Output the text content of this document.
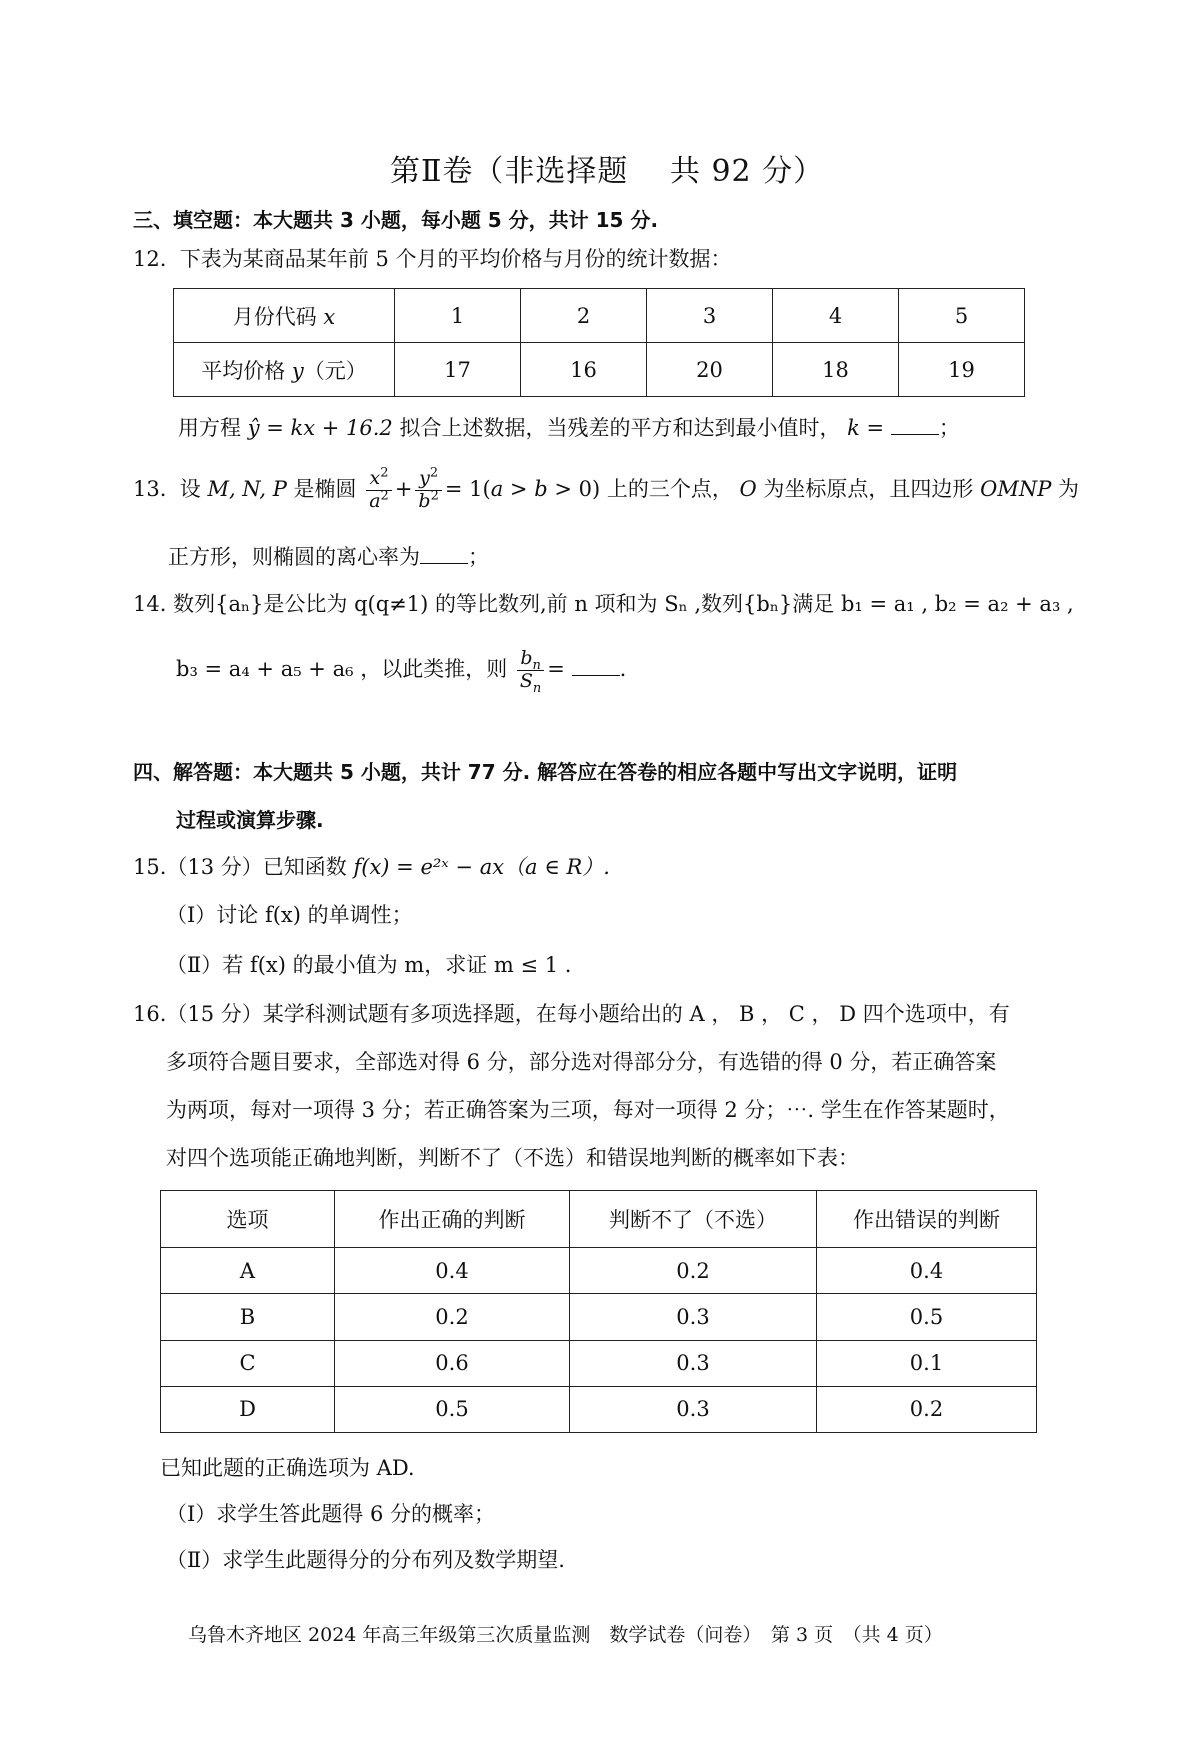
第Ⅱ卷（非选择题　 共 92 分）
三、填空题：本大题共 3 小题，每小题 5 分，共计 15 分.
12. 下表为某商品某年前 5 个月的平均价格与月份的统计数据：
月份代码 x	1	2	3	4	5
平均价格 y（元）	17	16	20	18	19
用方程 ŷ = kx + 16.2 拟合上述数据，当残差的平方和达到最小值时， k =	；
13. 设 M, N, P 是椭圆 $\frac{x^2}{a^2} + \frac{y^2}{b^2} = 1(a > b > 0)$ 上的三个点， O 为坐标原点，且四边形 OMNP 为
正方形，则椭圆的离心率为 ；
14. 数列{aₙ}是公比为 q(q≠1) 的等比数列,前 n 项和为 Sₙ ,数列{bₙ}满足 b₁ = a₁ , b₂ = a₂ + a₃ ,
b₃ = a₄ + a₅ + a₆ ，以此类推，则 $\frac{b_n}{S_n}$ = .
四、解答题：本大题共 5 小题，共计 77 分. 解答应在答卷的相应各题中写出文字说明，证明
过程或演算步骤.
15.（13 分）已知函数 f(x) = e²ˣ − ax（a ∈ R）.
（Ⅰ）讨论 f(x) 的单调性；
（Ⅱ）若 f(x) 的最小值为 m，求证 m ≤ 1 .
16.（15 分）某学科测试题有多项选择题，在每小题给出的 A ， B ， C ， D 四个选项中，有
多项符合题目要求，全部选对得 6 分，部分选对得部分分，有选错的得 0 分，若正确答案
为两项，每对一项得 3 分；若正确答案为三项，每对一项得 2 分；⋯. 学生在作答某题时，
对四个选项能正确地判断，判断不了（不选）和错误地判断的概率如下表：
选项	作出正确的判断	判断不了（不选）	作出错误的判断
A	0.4	0.2	0.4
B	0.2	0.3	0.5
C	0.6	0.3	0.1
D	0.5	0.3	0.2
已知此题的正确选项为 AD.
（Ⅰ）求学生答此题得 6 分的概率；
（Ⅱ）求学生此题得分的分布列及数学期望.
乌鲁木齐地区 2024 年高三年级第三次质量监测　数学试卷（问卷）　第 3 页　（共 4 页）
